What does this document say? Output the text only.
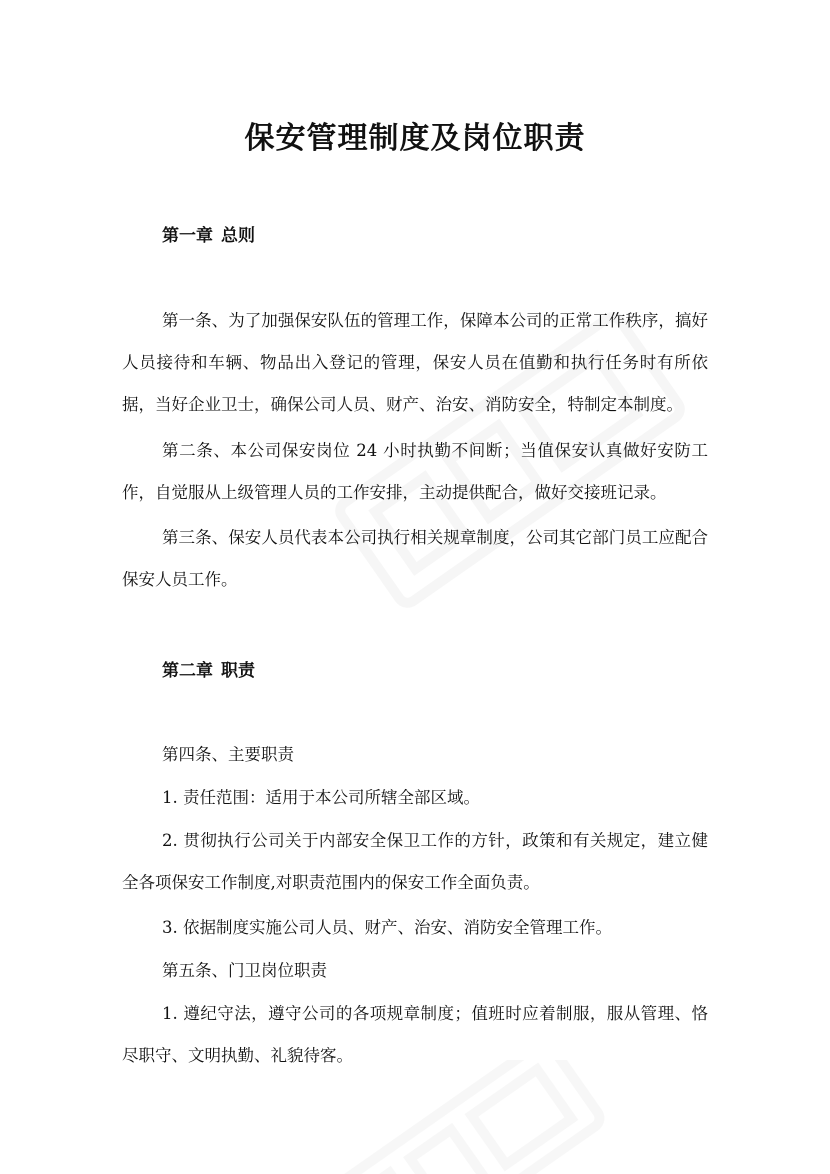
保安管理制度及岗位职责
第一章 总则

第一条、为了加强保安队伍的管理工作，保障本公司的正常工作秩序，搞好人员接待和车辆、物品出入登记的管理，保安人员在值勤和执行任务时有所依据，当好企业卫士，确保公司人员、财产、治安、消防安全，特制定本制度。

第二条、本公司保安岗位 24 小时执勤不间断；当值保安认真做好安防工作，自觉服从上级管理人员的工作安排，主动提供配合，做好交接班记录。

第三条、保安人员代表本公司执行相关规章制度，公司其它部门员工应配合保安人员工作。

第二章 职责

第四条、主要职责

1. 责任范围：适用于本公司所辖全部区域。

2. 贯彻执行公司关于内部安全保卫工作的方针，政策和有关规定，建立健全各项保安工作制度,对职责范围内的保安工作全面负责。

3. 依据制度实施公司人员、财产、治安、消防安全管理工作。

第五条、门卫岗位职责

1. 遵纪守法，遵守公司的各项规章制度；值班时应着制服，服从管理、恪尽职守、文明执勤、礼貌待客。
